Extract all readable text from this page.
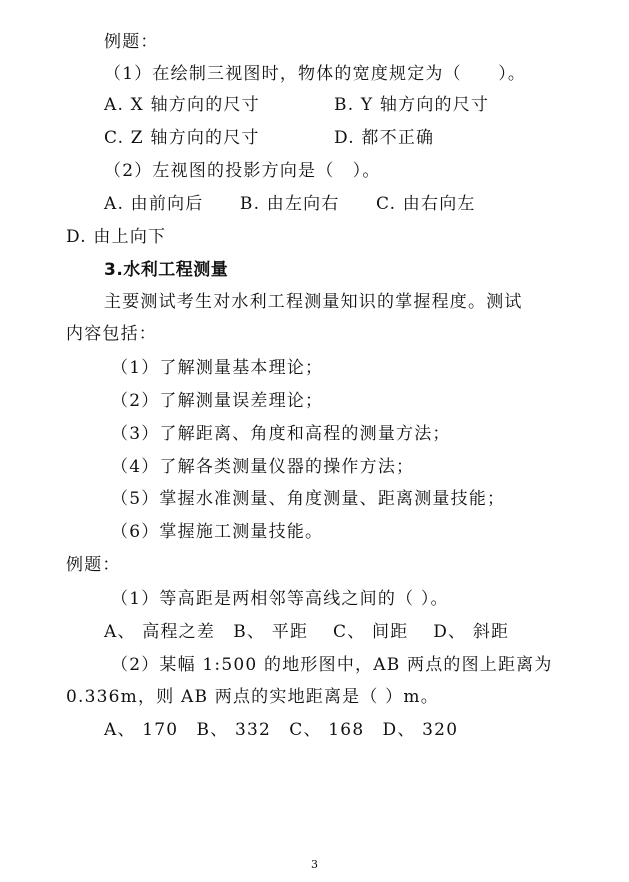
例题：
（1）在绘制三视图时，物体的宽度规定为（　　）。
A. X 轴方向的尺寸	B. Y 轴方向的尺寸
C. Z 轴方向的尺寸	D. 都不正确
（2）左视图的投影方向是（　）。
A. 由前向后　　B. 由左向右　　C. 由右向左
D. 由上向下
3.水利工程测量
主要测试考生对水利工程测量知识的掌握程度。测试
内容包括：
（1）了解测量基本理论；
（2）了解测量误差理论；
（3）了解距离、角度和高程的测量方法；
（4）了解各类测量仪器的操作方法；
（5）掌握水准测量、角度测量、距离测量技能；
（6）掌握施工测量技能。
例题：
（1）等高距是两相邻等高线之间的（ ）。
A、 高程之差　B、 平距　 C、 间距　 D、 斜距
（2）某幅 1:500 的地形图中，AB 两点的图上距离为
0.336m，则 AB 两点的实地距离是（ ）m。
A、 170　B、 332　C、 168　D、 320
3
